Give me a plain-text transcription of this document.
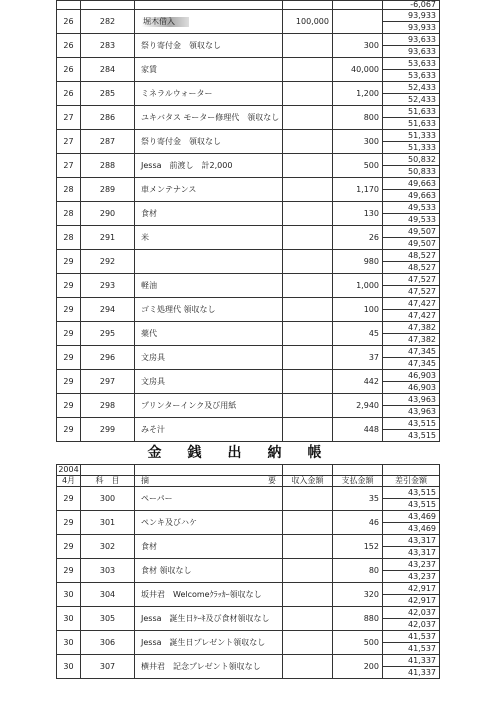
					-6,067
26	282	堀木借入	100,000		93,933
					93,933
26	283	祭り寄付金　領収なし		300	93,633
					93,633
26	284	家賃		40,000	53,633
					53,633
26	285	ミネラルウォーター		1,200	52,433
					52,433
27	286	ユキバタス モーター修理代　領収なし		800	51,633
					51,633
27	287	祭り寄付金　領収なし		300	51,333
					51,333
27	288	Jessa　前渡し　計2,000		500	50,832
					50,833
28	289	車メンテナンス		1,170	49,663
					49,663
28	290	食材		130	49,533
					49,533
28	291	米		26	49,507
					49,507
29	292			980	48,527
					48,527
29	293	軽油		1,000	47,527
					47,527
29	294	ゴミ処理代 領収なし		100	47,427
					47,427
29	295	薬代		45	47,382
					47,382
29	296	文房具		37	47,345
					47,345
29	297	文房具		442	46,903
					46,903
29	298	プリンターインク及び用紙		2,940	43,963
					43,963
29	299	みそ汁		448	43,515
					43,515
金銭出納帳
2004					
4月	科　目	摘 要	収入金額	支払金額	差引金額
29	300	ペーパー		35	43,515
					43,515
29	301	ペンキ及びハケ		46	43,469
					43,469
29	302	食材		152	43,317
					43,317
29	303	食材 領収なし		80	43,237
					43,237
30	304	坂井君　Welcomeｸﾗｯｶｰ領収なし		320	42,917
					42,917
30	305	Jessa　誕生日ｹｰｷ及び食材領収なし		880	42,037
					42,037
30	306	Jessa　誕生日プレゼント領収なし		500	41,537
					41,537
30	307	横井君　記念プレゼント領収なし		200	41,337
					41,337
